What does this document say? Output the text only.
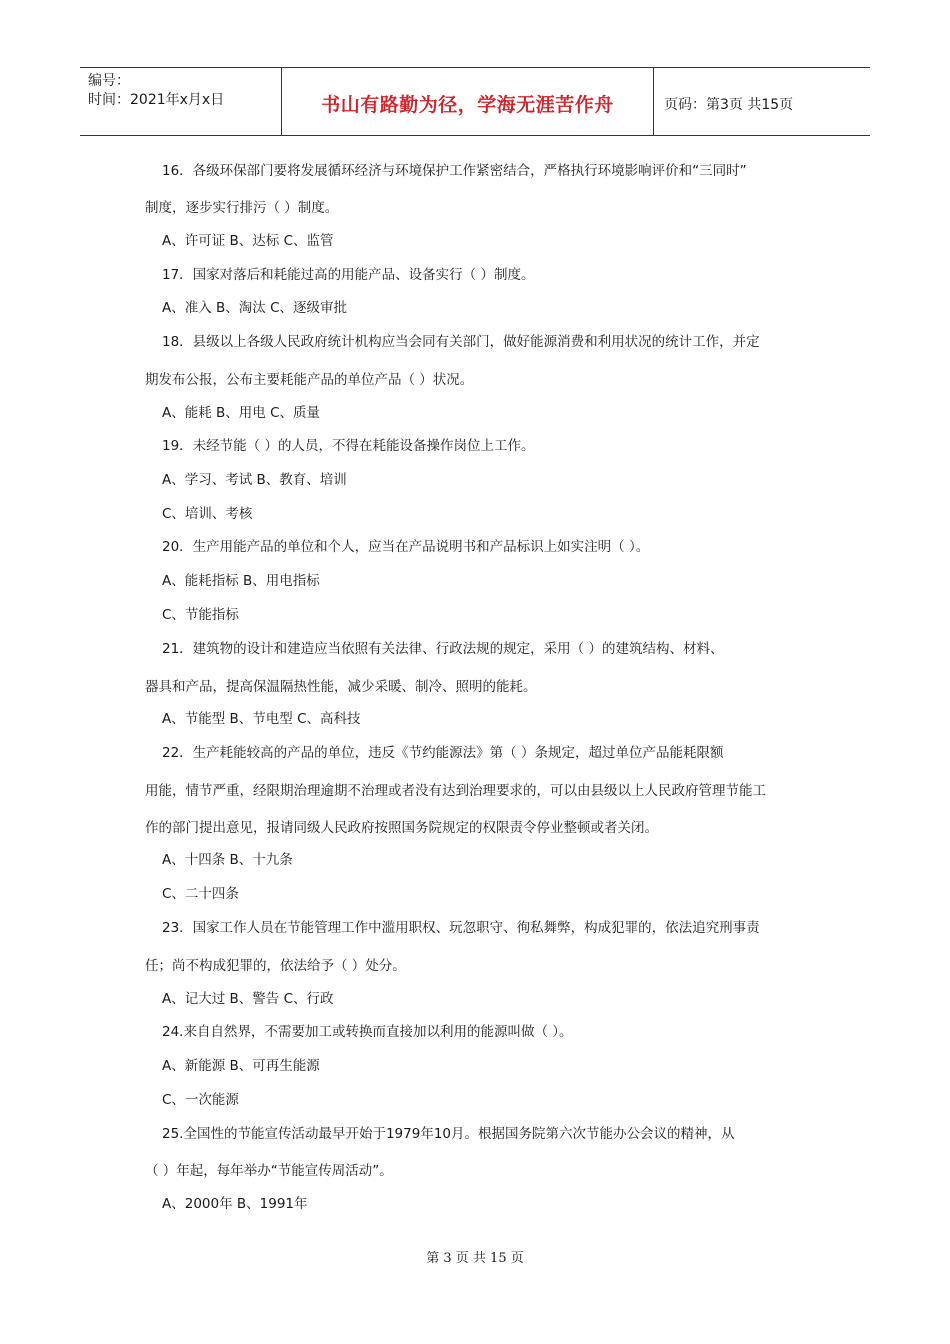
编号：
时间：2021年x月x日	书山有路勤为径，学海无涯苦作舟	页码：第3页 共15页
16．各级环保部门要将发展循环经济与环境保护工作紧密结合，严格执行环境影响评价和“三同时”
制度，逐步实行排污（ ）制度。
A、许可证 B、达标 C、监管
17．国家对落后和耗能过高的用能产品、设备实行（ ）制度。
A、准入 B、淘汰 C、逐级审批
18．县级以上各级人民政府统计机构应当会同有关部门，做好能源消费和利用状况的统计工作，并定
期发布公报，公布主要耗能产品的单位产品（ ）状况。
A、能耗 B、用电 C、质量
19．未经节能（ ）的人员，不得在耗能设备操作岗位上工作。
A、学习、考试 B、教育、培训
C、培训、考核
20．生产用能产品的单位和个人，应当在产品说明书和产品标识上如实注明（ ）。
A、能耗指标 B、用电指标
C、节能指标
21．建筑物的设计和建造应当依照有关法律、行政法规的规定，采用（ ）的建筑结构、材料、
器具和产品，提高保温隔热性能，减少采暖、制冷、照明的能耗。
A、节能型 B、节电型 C、高科技
22．生产耗能较高的产品的单位，违反《节约能源法》第（ ）条规定，超过单位产品能耗限额
用能，情节严重，经限期治理逾期不治理或者没有达到治理要求的，可以由县级以上人民政府管理节能工
作的部门提出意见，报请同级人民政府按照国务院规定的权限责令停业整顿或者关闭。
A、十四条 B、十九条
C、二十四条
23．国家工作人员在节能管理工作中滥用职权、玩忽职守、徇私舞弊，构成犯罪的，依法追究刑事责
任；尚不构成犯罪的，依法给予（ ）处分。
A、记大过 B、警告 C、行政
24.来自自然界，不需要加工或转换而直接加以利用的能源叫做（ ）。
A、新能源 B、可再生能源
C、一次能源
25.全国性的节能宣传活动最早开始于1979年10月。根据国务院第六次节能办公会议的精神，从
（ ）年起，每年举办“节能宣传周活动”。
A、2000年 B、1991年
第 3 页 共 15 页
